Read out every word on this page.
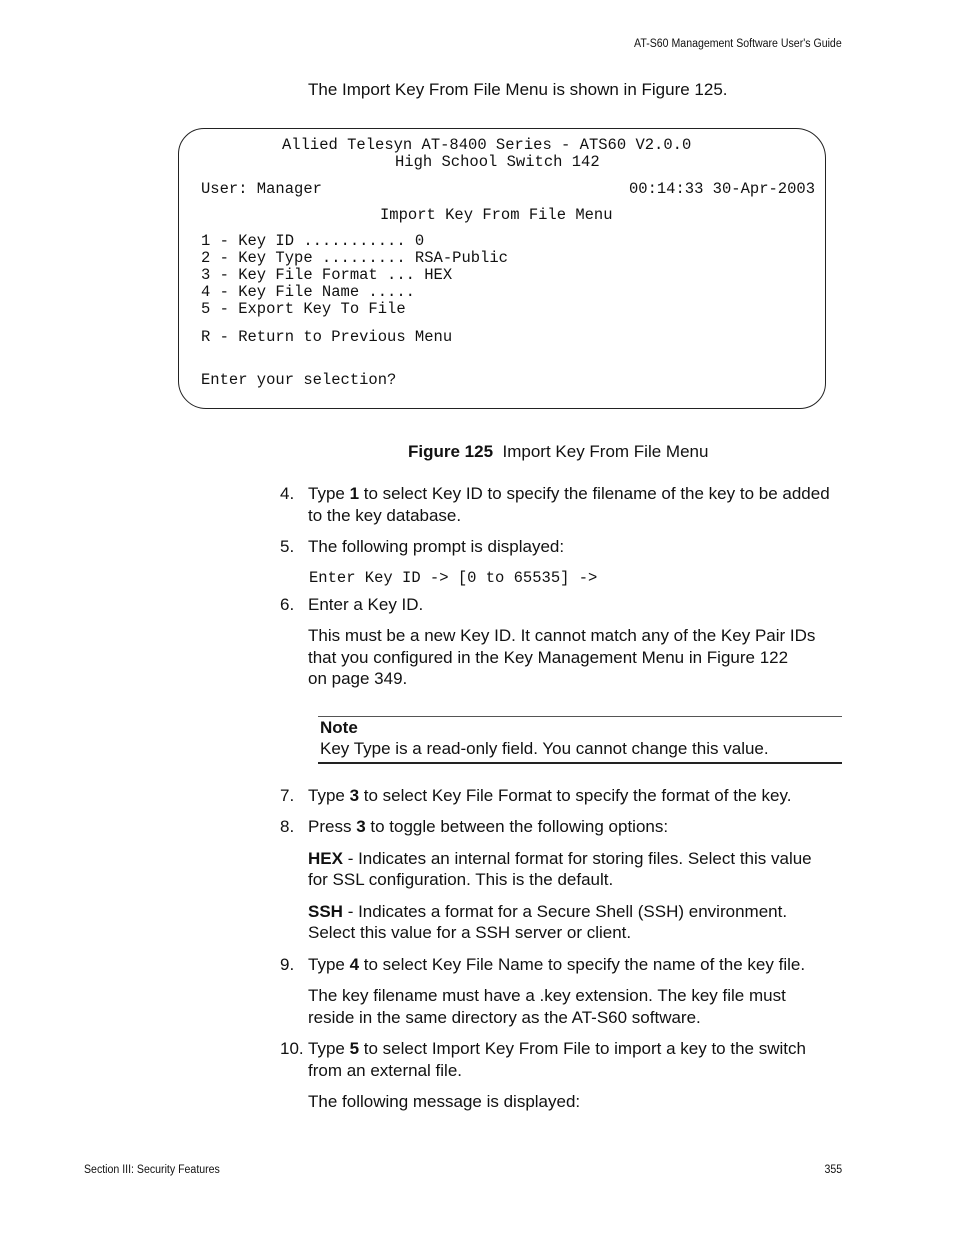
AT-S60 Management Software User's Guide
The Import Key From File Menu is shown in Figure 125.
Allied Telesyn AT-8400 Series - ATS60 V2.0.0
High School Switch 142
User: Manager	00:14:33 30-Apr-2003
Import Key From File Menu
1 - Key ID ........... 0
2 - Key Type ......... RSA-Public
3 - Key File Format ... HEX
4 - Key File Name .....
5 - Export Key To File
R - Return to Previous Menu
Enter your selection?
Figure 125 Import Key From File Menu
4. Type 1 to select Key ID to specify the filename of the key to be added
to the key database.
5. The following prompt is displayed:
Enter Key ID -> [0 to 65535] ->
6. Enter a Key ID.
This must be a new Key ID. It cannot match any of the Key Pair IDs
that you configured in the Key Management Menu in Figure 122
on page 349.
Note
Key Type is a read-only field. You cannot change this value.
7. Type 3 to select Key File Format to specify the format of the key.
8. Press 3 to toggle between the following options:
HEX - Indicates an internal format for storing files. Select this value
for SSL configuration. This is the default.
SSH - Indicates a format for a Secure Shell (SSH) environment.
Select this value for a SSH server or client.
9. Type 4 to select Key File Name to specify the name of the key file.
The key filename must have a .key extension. The key file must
reside in the same directory as the AT-S60 software.
10. Type 5 to select Import Key From File to import a key to the switch
from an external file.
The following message is displayed:
Section III: Security Features	355
